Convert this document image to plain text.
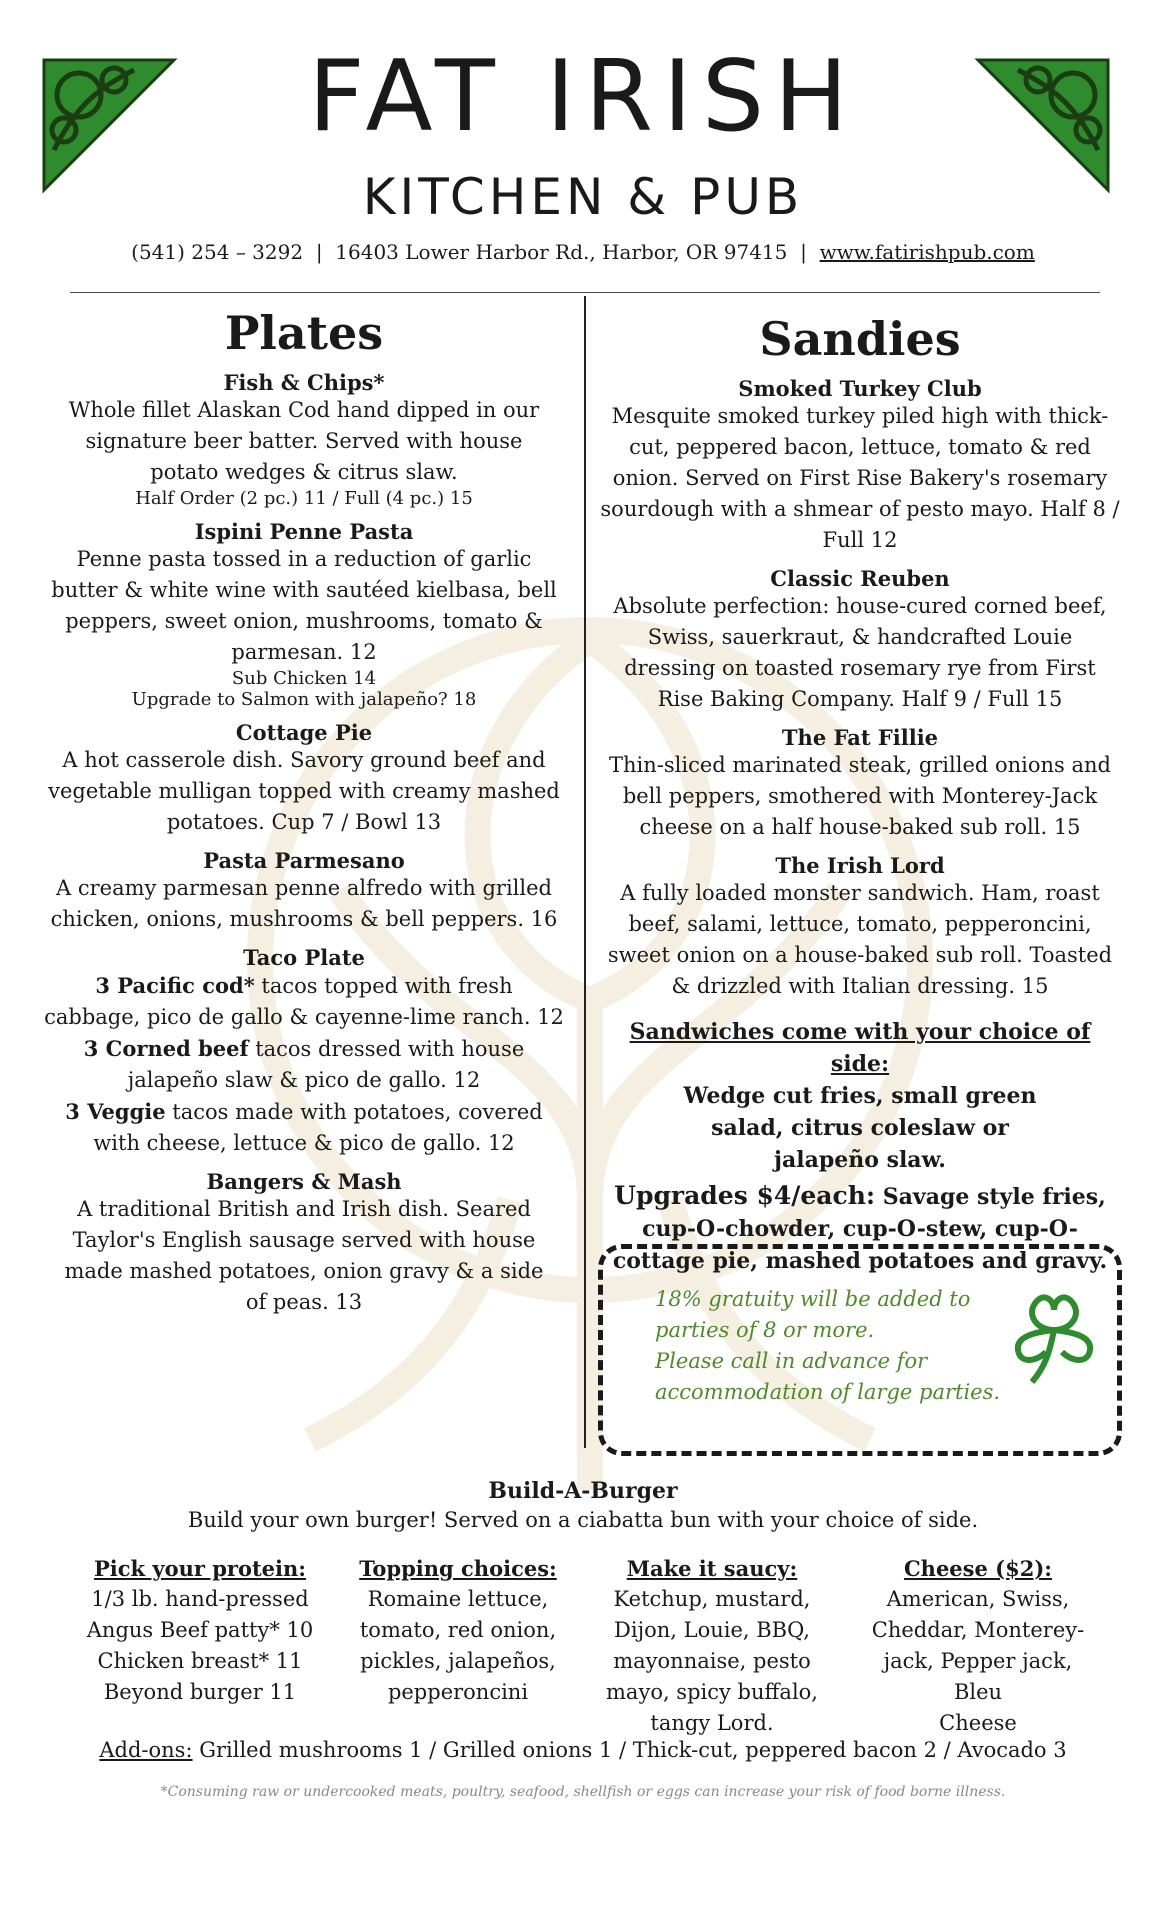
FAT IRISH
KITCHEN & PUB
(541) 254 – 3292 | 16403 Lower Harbor Rd., Harbor, OR 97415 | www.fatirishpub.com
Plates
Fish & Chips*
Whole fillet Alaskan Cod hand dipped in our signature beer batter. Served with house potato wedges & citrus slaw.
Half Order (2 pc.) 11 / Full (4 pc.) 15
Ispini Penne Pasta
Penne pasta tossed in a reduction of garlic butter & white wine with sautéed kielbasa, bell peppers, sweet onion, mushrooms, tomato & parmesan. 12
Sub Chicken 14
Upgrade to Salmon with jalapeño? 18
Cottage Pie
A hot casserole dish. Savory ground beef and vegetable mulligan topped with creamy mashed potatoes. Cup 7 / Bowl 13
Pasta Parmesano
A creamy parmesan penne alfredo with grilled chicken, onions, mushrooms & bell peppers. 16
Taco Plate
3 Pacific cod* tacos topped with fresh cabbage, pico de gallo & cayenne-lime ranch. 12
3 Corned beef tacos dressed with house jalapeño slaw & pico de gallo. 12
3 Veggie tacos made with potatoes, covered with cheese, lettuce & pico de gallo. 12
Bangers & Mash
A traditional British and Irish dish. Seared Taylor's English sausage served with house made mashed potatoes, onion gravy & a side of peas. 13
Sandies
Smoked Turkey Club
Mesquite smoked turkey piled high with thick-cut, peppered bacon, lettuce, tomato & red onion. Served on First Rise Bakery's rosemary sourdough with a shmear of pesto mayo. Half 8 / Full 12
Classic Reuben
Absolute perfection: house-cured corned beef, Swiss, sauerkraut, & handcrafted Louie dressing on toasted rosemary rye from First Rise Baking Company. Half 9 / Full 15
The Fat Fillie
Thin-sliced marinated steak, grilled onions and bell peppers, smothered with Monterey-Jack cheese on a half house-baked sub roll. 15
The Irish Lord
A fully loaded monster sandwich. Ham, roast beef, salami, lettuce, tomato, pepperoncini, sweet onion on a house-baked sub roll. Toasted & drizzled with Italian dressing. 15
Sandwiches come with your choice of side:
Wedge cut fries, small green salad, citrus coleslaw or jalapeño slaw.
Upgrades $4/each: Savage style fries, cup-O-chowder, cup-O-stew, cup-O-cottage pie, mashed potatoes and gravy.
18% gratuity will be added to
parties of 8 or more.
Please call in advance for
accommodation of large parties.
Build-A-Burger
Build your own burger! Served on a ciabatta bun with your choice of side.
Pick your protein:
1/3 lb. hand-pressed
Angus Beef patty* 10
Chicken breast* 11
Beyond burger 11
Topping choices:
Romaine lettuce,
tomato, red onion,
pickles, jalapeños,
pepperoncini
Make it saucy:
Ketchup, mustard,
Dijon, Louie, BBQ,
mayonnaise, pesto
mayo, spicy buffalo,
tangy Lord.
Cheese ($2):
American, Swiss,
Cheddar, Monterey-
jack, Pepper jack, Bleu
Cheese
Add-ons: Grilled mushrooms 1 / Grilled onions 1 / Thick-cut, peppered bacon 2 / Avocado 3
*Consuming raw or undercooked meats, poultry, seafood, shellfish or eggs can increase your risk of food borne illness.
